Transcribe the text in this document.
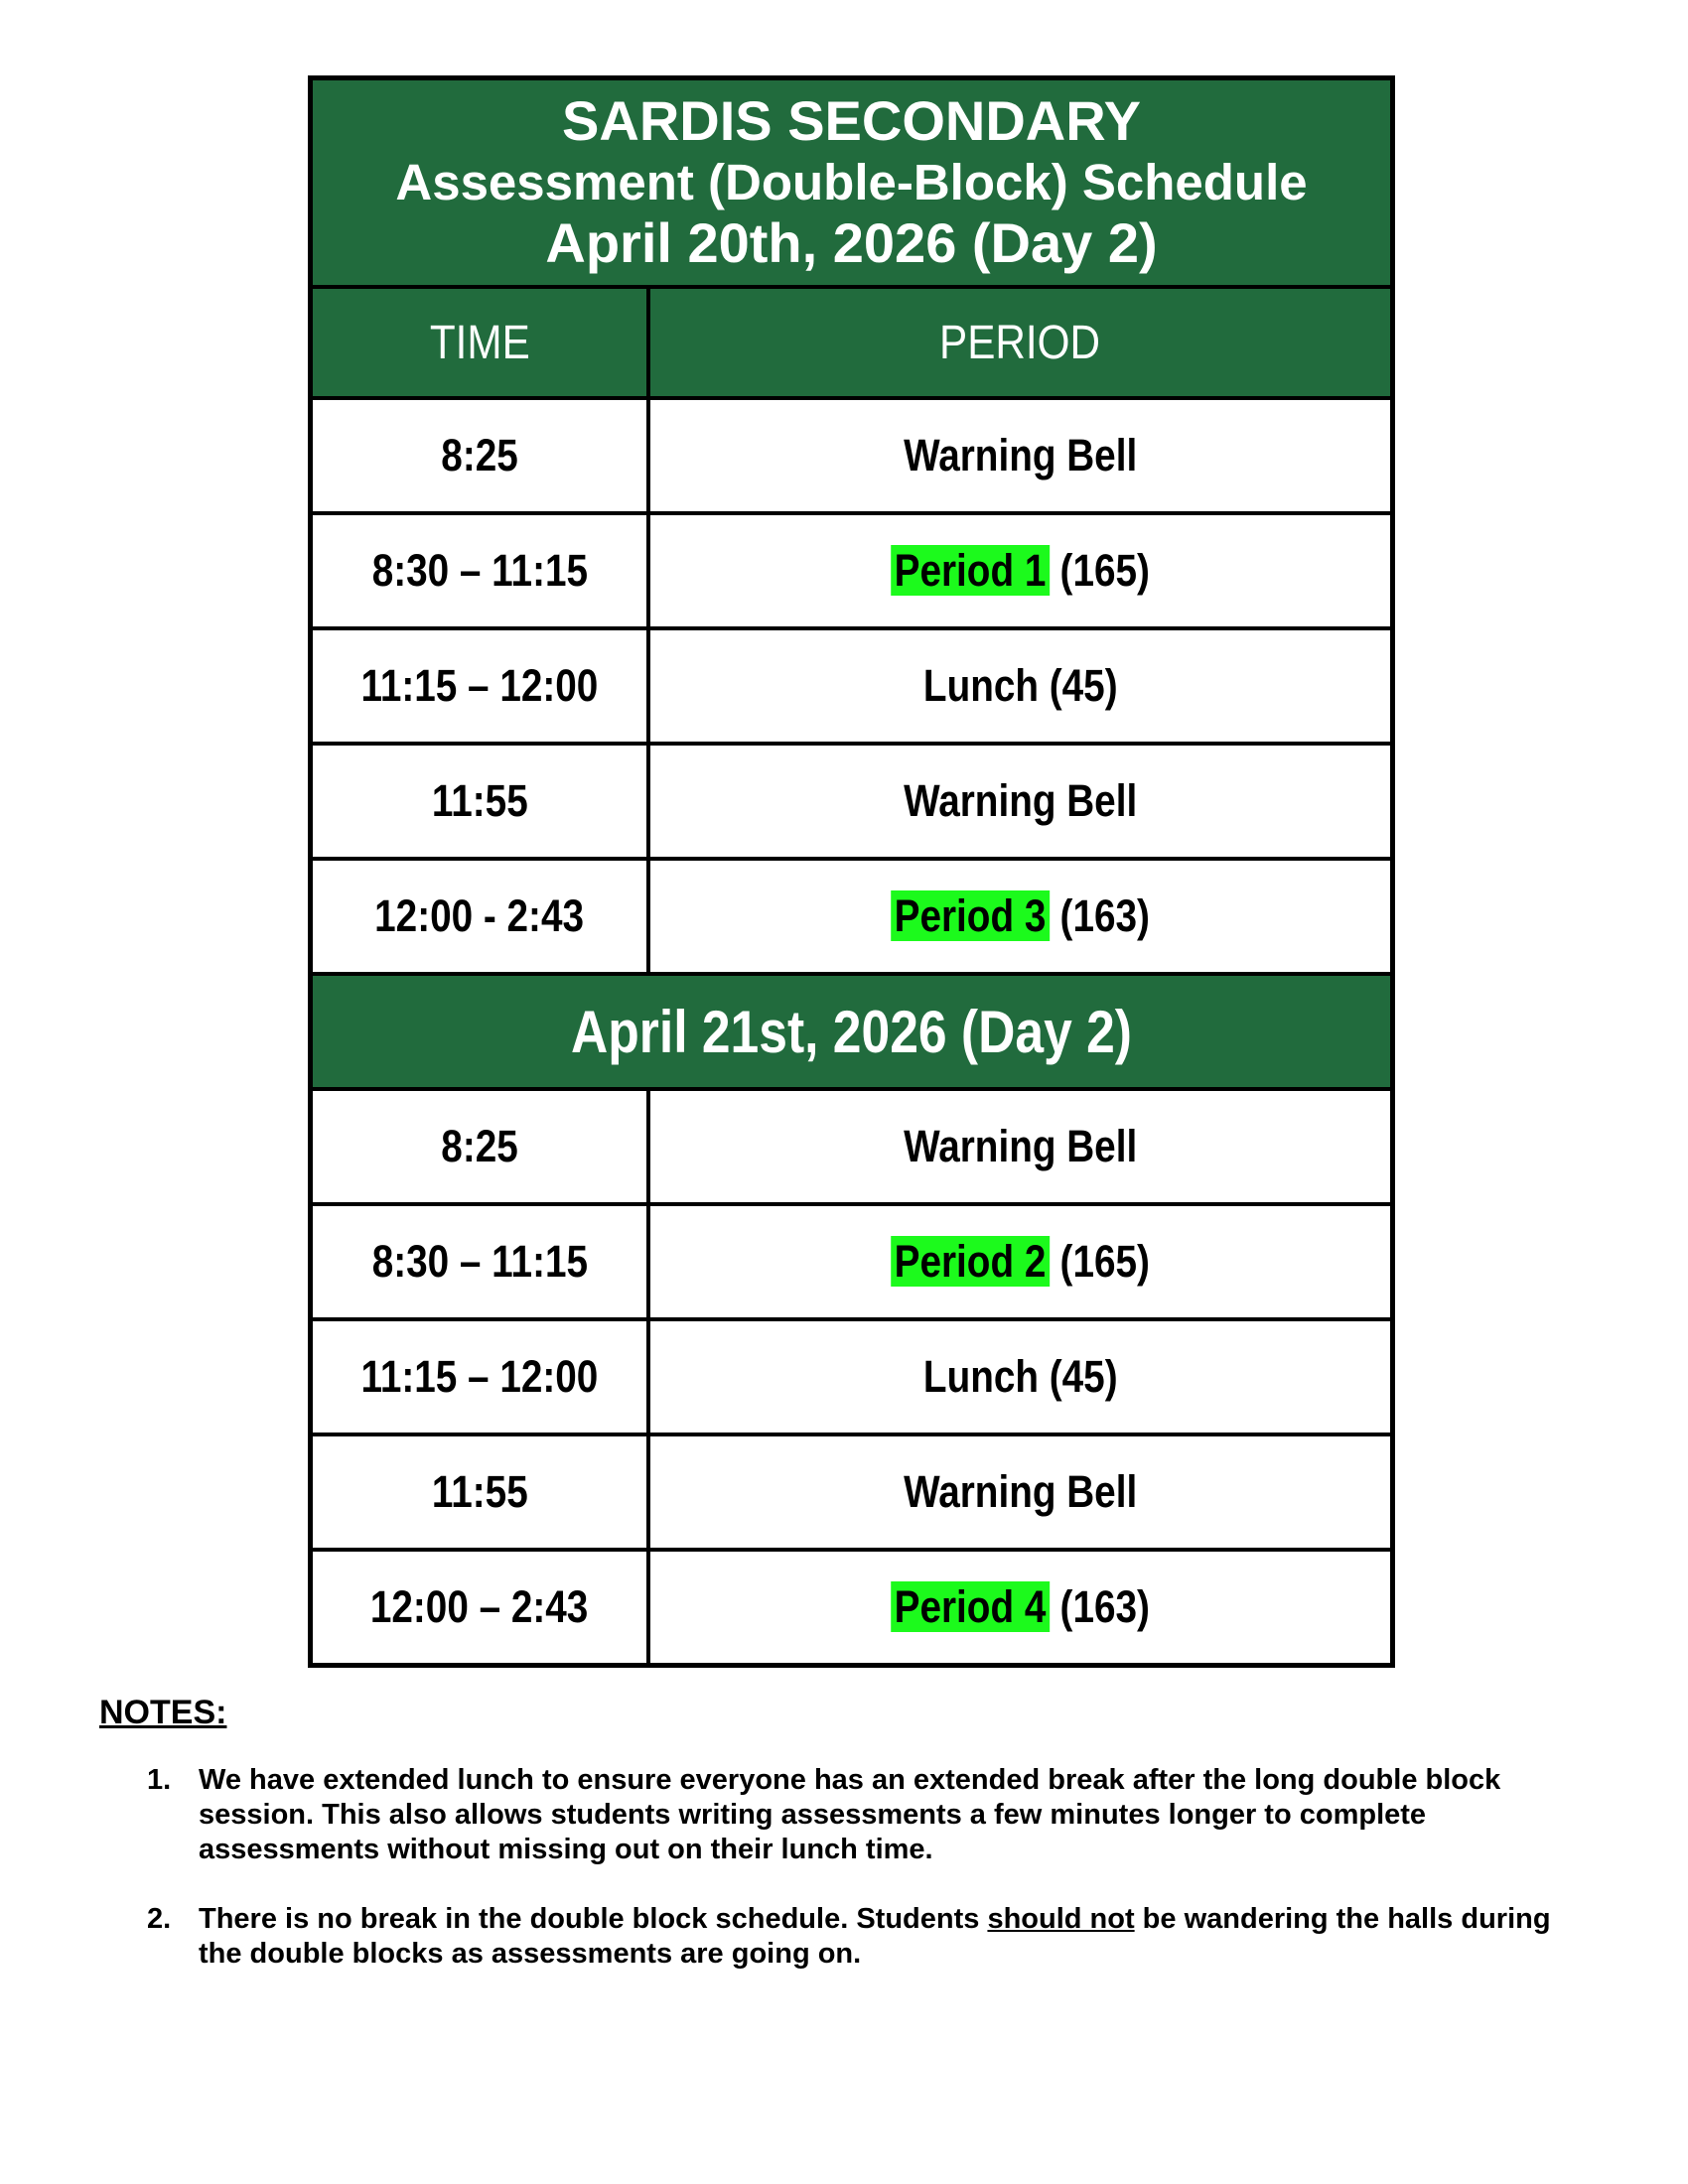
SARDIS SECONDARY
Assessment (Double-Block) Schedule
April 20th, 2026 (Day 2)	

TIME	PERIOD
8:25	Warning Bell
8:30 – 11:15	Period 1 (165)
11:15 – 12:00	Lunch (45)
11:55	Warning Bell
12:00 - 2:43	Period 3 (163)
April 21st, 2026 (Day 2)	
8:25	Warning Bell
8:30 – 11:15	Period 2 (165)
11:15 – 12:00	Lunch (45)
11:55	Warning Bell
12:00 – 2:43	Period 4 (163)
NOTES:
1. We have extended lunch to ensure everyone has an extended break after the long double block session. This also allows students writing assessments a few minutes longer to complete assessments without missing out on their lunch time.
2. There is no break in the double block schedule. Students should not be wandering the halls during the double blocks as assessments are going on.
